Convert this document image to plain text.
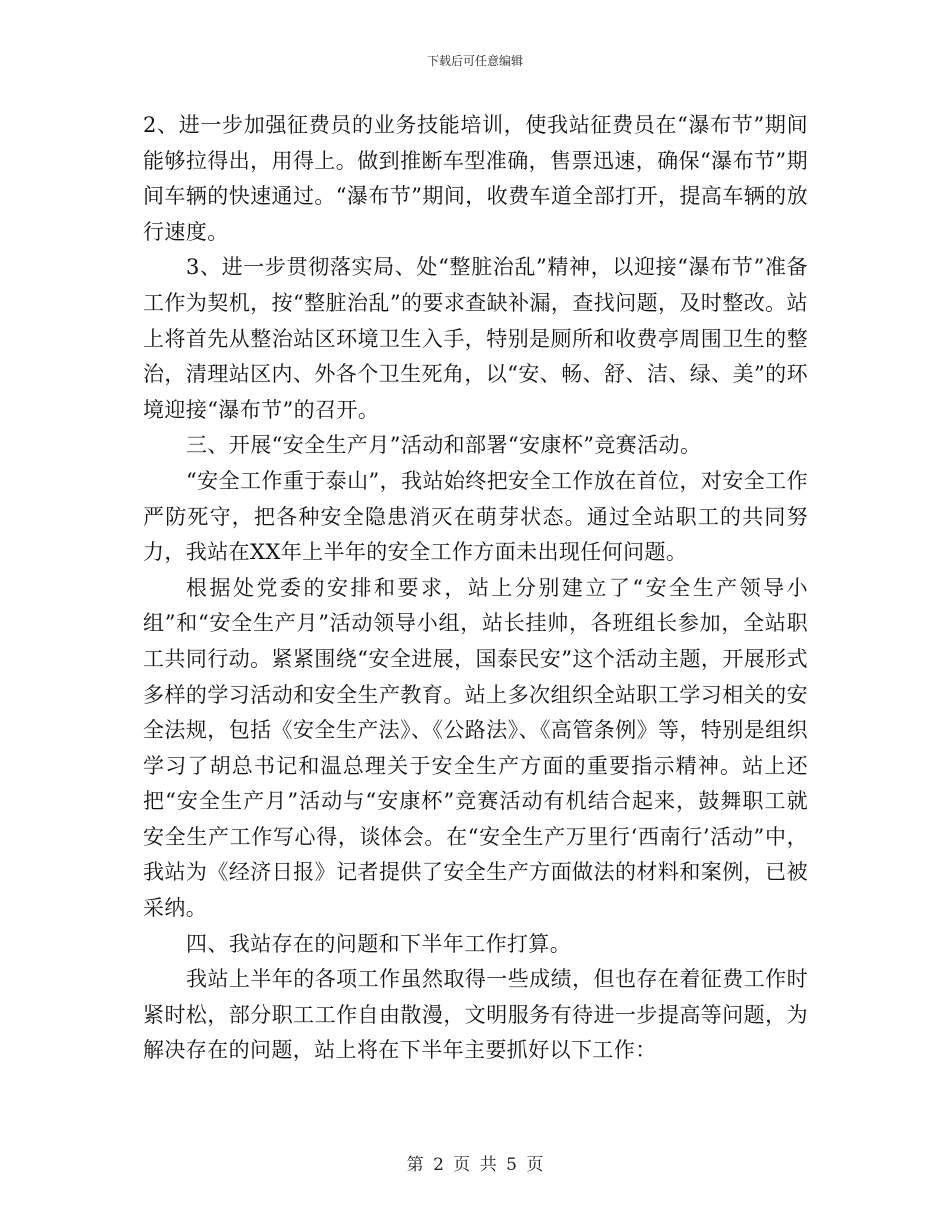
下载后可任意编辑

2、进一步加强征费员的业务技能培训，使我站征费员在“瀑布节”期间能够拉得出，用得上。做到推断车型准确，售票迅速，确保“瀑布节”期间车辆的快速通过。“瀑布节”期间，收费车道全部打开，提高车辆的放行速度。

3、进一步贯彻落实局、处“整脏治乱”精神，以迎接“瀑布节”准备工作为契机，按“整脏治乱”的要求查缺补漏，查找问题，及时整改。站上将首先从整治站区环境卫生入手，特别是厕所和收费亭周围卫生的整治，清理站区内、外各个卫生死角，以“安、畅、舒、洁、绿、美”的环境迎接“瀑布节”的召开。

三、开展“安全生产月”活动和部署“安康杯”竞赛活动。

“安全工作重于泰山”，我站始终把安全工作放在首位，对安全工作严防死守，把各种安全隐患消灭在萌芽状态。通过全站职工的共同努力，我站在XX年上半年的安全工作方面未出现任何问题。

根据处党委的安排和要求，站上分别建立了“安全生产领导小组”和“安全生产月”活动领导小组，站长挂帅，各班组长参加，全站职工共同行动。紧紧围绕“安全进展，国泰民安”这个活动主题，开展形式多样的学习活动和安全生产教育。站上多次组织全站职工学习相关的安全法规，包括《安全生产法》、《公路法》、《高管条例》等，特别是组织学习了胡总书记和温总理关于安全生产方面的重要指示精神。站上还把“安全生产月”活动与“安康杯”竞赛活动有机结合起来，鼓舞职工就安全生产工作写心得，谈体会。在“安全生产万里行‘西南行’活动”中，我站为《经济日报》记者提供了安全生产方面做法的材料和案例，已被采纳。

四、我站存在的问题和下半年工作打算。

我站上半年的各项工作虽然取得一些成绩，但也存在着征费工作时紧时松，部分职工工作自由散漫，文明服务有待进一步提高等问题，为解决存在的问题，站上将在下半年主要抓好以下工作：

第 2 页 共 5 页
